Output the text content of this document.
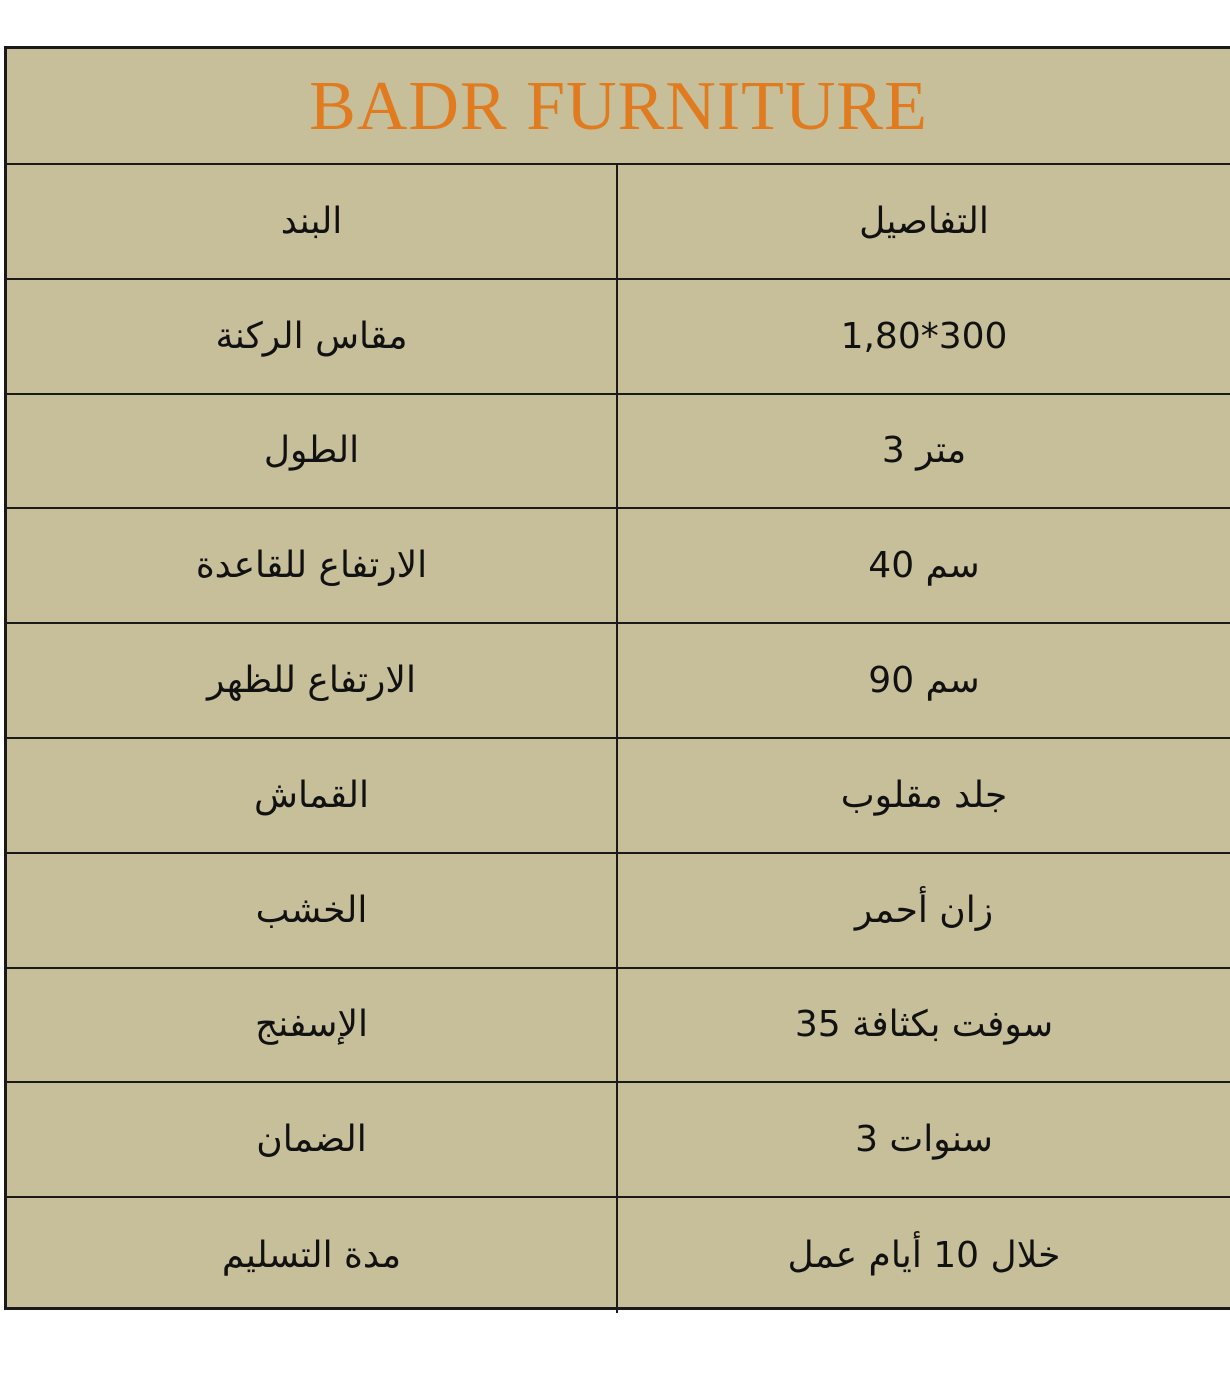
BADR FURNITURE
البند	التفاصيل
مقاس الركنة	1,80*300
الطول	متر 3
الارتفاع للقاعدة	سم 40
الارتفاع للظهر	سم 90
القماش	جلد مقلوب
الخشب	زان أحمر
الإسفنج	سوفت بكثافة 35
الضمان	سنوات 3
مدة التسليم	خلال 10 أيام عمل
